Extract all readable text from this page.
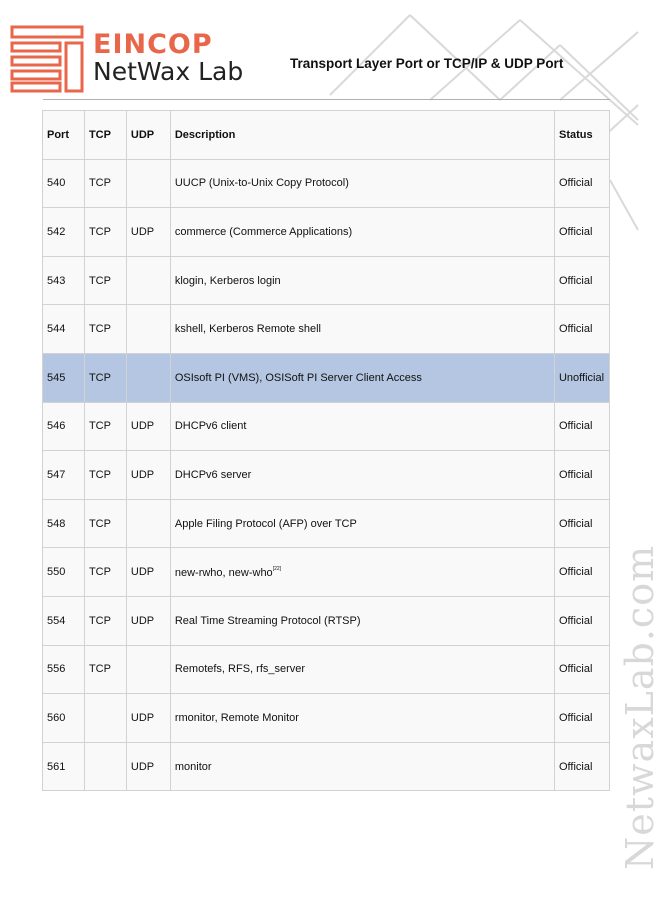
EINCOP
NetWax Lab	Transport Layer Port or TCP/IP & UDP Port
Port	TCP	UDP	Description	Status
540	TCP		UUCP (Unix-to-Unix Copy Protocol)	Official
542	TCP	UDP	commerce (Commerce Applications)	Official
543	TCP		klogin, Kerberos login	Official
544	TCP		kshell, Kerberos Remote shell	Official
545	TCP		OSIsoft PI (VMS), OSISoft PI Server Client Access	Unofficial
546	TCP	UDP	DHCPv6 client	Official
547	TCP	UDP	DHCPv6 server	Official
548	TCP		Apple Filing Protocol (AFP) over TCP	Official
550	TCP	UDP	new-rwho, new-who[22]	Official
554	TCP	UDP	Real Time Streaming Protocol (RTSP)	Official
556	TCP		Remotefs, RFS, rfs_server	Official
560		UDP	rmonitor, Remote Monitor	Official
561		UDP	monitor	Official NetwaxLab.com
